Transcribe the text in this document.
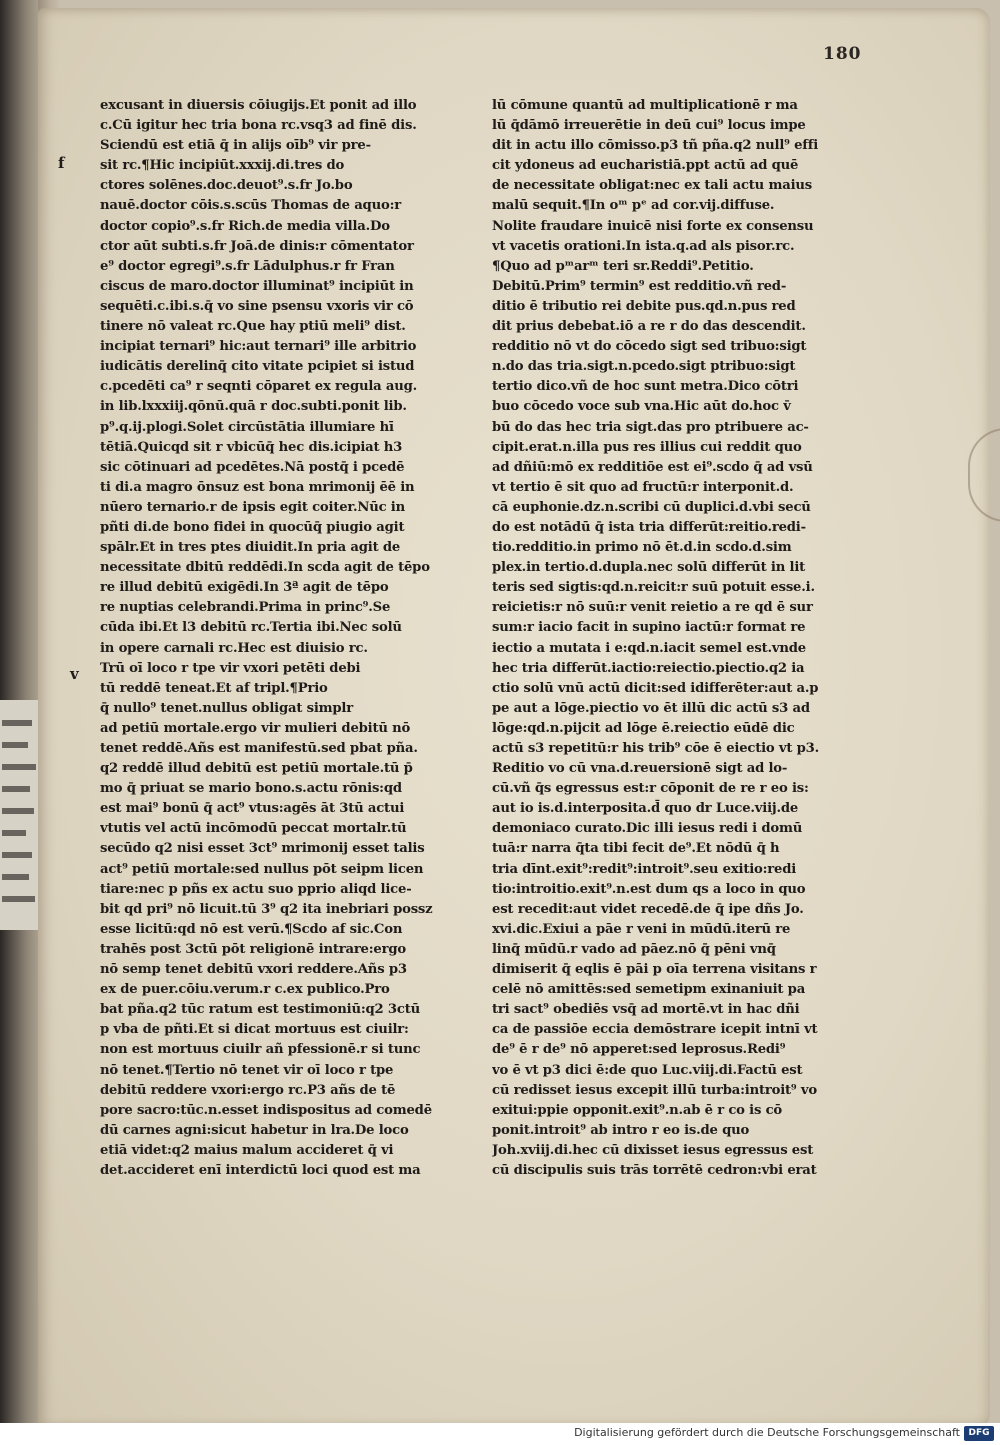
180
f
v
excusant in diuersis cōiugijs.Et ponit ad illo
c.Cū igitur hec tria bona rc.vsq3 ad finē dis.
Sciendū est etiā q̄ in alijs oīb⁹ vir pre-
sit rc.¶Hic incipiūt.xxxij.di.tres do
ctores solēnes.doc.deuot⁹.s.fr Jo.bo
nauē.doctor cōis.s.scūs Thomas de aquo:r
doctor copio⁹.s.fr Rich.de media villa.Do
ctor aūt subti.s.fr Joā.de dinis:r cōmentator
e⁹ doctor egregi⁹.s.fr Lādulphus.r fr Fran
ciscus de maro.doctor illuminat⁹ incipiūt in
sequēti.c.ibi.s.q̄ vo sine psensu vxoris vir cō
tinere nō valeat rc.Que hay ptiū meli⁹ dist.
incipiat ternari⁹ hic:aut ternari⁹ ille arbitrio
iudicātis derelinq̄ cito vitate pcipiet si istud
c.pcedēti ca⁹ r seqnti cōparet ex regula aug.
in lib.lxxxiij.qōnū.quā r doc.subti.ponit lib.
p⁹.q.ij.plogi.Solet circūstātia illumiare hī
tētiā.Quicqd sit r vbicūq̄ hec dis.icipiat h3
sic cōtinuari ad pcedētes.Nā postq̄ i pcedē
ti di.a magro ōnsuz est bona mrimonij ēē in
nūero ternario.r de ipsis egit coiter.Nūc in
pñti di.de bono fidei in quocūq̄ piugio agit
spālr.Et in tres ptes diuidit.In pria agit de
necessitate dbitū reddēdi.In scda agit de tēpo
re illud debitū exigēdi.In 3ª agit de tēpo
re nuptias celebrandi.Prima in princ⁹.Se
cūda ibi.Et l3 debitū rc.Tertia ibi.Nec solū
in opere carnali rc.Hec est diuisio rc.
Trū oī loco r tpe vir vxori petēti debi
tū reddē teneat.Et af tripl.¶Prio
q̄ nullo⁹ tenet.nullus obligat simplr
ad petiū mortale.ergo vir mulieri debitū nō
tenet reddē.Añs est manifestū.sed pbat pña.
q2 reddē illud debitū est petiū mortale.tū p̄
mo q̄ priuat se mario bono.s.actu rōnis:qd
est mai⁹ bonū q̄ act⁹ vtus:agēs āt 3tū actui
vtutis vel actū incōmodū peccat mortalr.tū
secūdo q2 nisi esset 3ct⁹ mrimonij esset talis
act⁹ petiū mortale:sed nullus pōt seipm licen
tiare:nec p pñs ex actu suo pprio aliqd lice-
bit qd pri⁹ nō licuit.tū 3⁹ q2 ita inebriari possz
esse licitū:qd nō est verū.¶Scdo af sic.Con
trahēs post 3ctū pōt religionē intrare:ergo
nō semp tenet debitū vxori reddere.Añs p3
ex de puer.cōiu.verum.r c.ex publico.Pro
bat pña.q2 tūc ratum est testimoniū:q2 3ctū
p vba de pñti.Et si dicat mortuus est ciuilr:
non est mortuus ciuilr añ pfessionē.r si tunc
nō tenet.¶Tertio nō tenet vir oī loco r tpe
debitū reddere vxori:ergo rc.P3 añs de tē
pore sacro:tūc.n.esset indispositus ad comedē
dū carnes agni:sicut habetur in lra.De loco
etiā videt:q2 maius malum accideret q̄ vi
det.accideret enī interdictū loci quod est ma
lū cōmune quantū ad multiplicationē r ma
lū q̄dāmō irreuerētie in deū cui⁹ locus impe
dit in actu illo cōmisso.p3 tñ pña.q2 null⁹ effi
cit ydoneus ad eucharistiā.ppt actū ad quē
de necessitate obligat:nec ex tali actu maius
malū sequit.¶In oᵐ pᵉ ad cor.vij.diffuse.
Nolite fraudare inuicē nisi forte ex consensu
vt vacetis orationi.In ista.q.ad als pisor.rc.
¶Quo ad pᵐarᵐ teri sr.Reddi⁹.Petitio.
Debitū.Prim⁹ termin⁹ est redditio.vñ red-
ditio ē tributio rei debite pus.qd.n.pus red
dit prius debebat.iō a re r do das descendit.
redditio nō vt do cōcedo sigt sed tribuo:sigt
n.do das tria.sigt.n.pcedo.sigt ptribuo:sigt
tertio dico.vñ de hoc sunt metra.Dico cōtri
buo cōcedo voce sub vna.Hic aūt do.hoc v̄
bū do das hec tria sigt.das pro ptribuere ac-
cipit.erat.n.illa pus res illius cui reddit quo
ad dñiū:mō ex redditiōe est ei⁹.scdo q̄ ad vsū
vt tertio ē sit quo ad fructū:r interponit.d.
cā euphonie.dz.n.scribi cū duplici.d.vbi secū
do est notādū q̄ ista tria differūt:reitio.redi-
tio.redditio.in primo nō ēt.d.in scdo.d.sim
plex.in tertio.d.dupla.nec solū differūt in lit
teris sed sigtis:qd.n.reicit:r suū potuit esse.i.
reicietis:r nō suū:r venit reietio a re qd ē sur
sum:r iacio facit in supino iactū:r format re
iectio a mutata i e:qd.n.iacit semel est.vnde
hec tria differūt.iactio:reiectio.piectio.q2 ia
ctio solū vnū actū dicit:sed idifferēter:aut a.p
pe aut a lōge.piectio vo ēt illū dic actū s3 ad
lōge:qd.n.pijcit ad lōge ē.reiectio eūdē dic
actū s3 repetitū:r his trib⁹ cōe ē eiectio vt p3.
Reditio vo cū vna.d.reuersionē sigt ad lo-
cū.vñ q̄s egressus est:r cōponit de re r eo is:
aut io is.d.interposita.d̄ quo dr Luce.viij.de
demoniaco curato.Dic illi iesus redi i domū
tuā:r narra q̄ta tibi fecit de⁹.Et nōdū q̄ h
tria dīnt.exit⁹:redit⁹:introit⁹.seu exitio:redi
tio:introitio.exit⁹.n.est dum qs a loco in quo
est recedit:aut videt recedē.de q̄ ipe dñs Jo.
xvi.dic.Exiui a pāe r veni in mūdū.iterū re
linq̄ mūdū.r vado ad pāez.nō q̄ pēni vnq̄
dimiserit q̄ eqlis ē pāi p oīa terrena visitans r
celē nō amittēs:sed semetipm exinaniuit pa
tri sact⁹ obediēs vsq̄ ad mortē.vt in hac dñi
ca de passiōe eccia demōstrare icepit intnī vt
de⁹ ē r de⁹ nō apperet:sed leprosus.Redi⁹
vo ē vt p3 dici ē:de quo Luc.viij.di.Factū est
cū redisset iesus excepit illū turba:introit⁹ vo
exitui:ppie opponit.exit⁹.n.ab ē r co is cō
ponit.introit⁹ ab intro r eo is.de quo
Joh.xviij.di.hec cū dixisset iesus egressus est
cū discipulis suis trās torrētē cedron:vbi erat
Digitalisierung gefördert durch die Deutsche Forschungsgemeinschaft DFG
